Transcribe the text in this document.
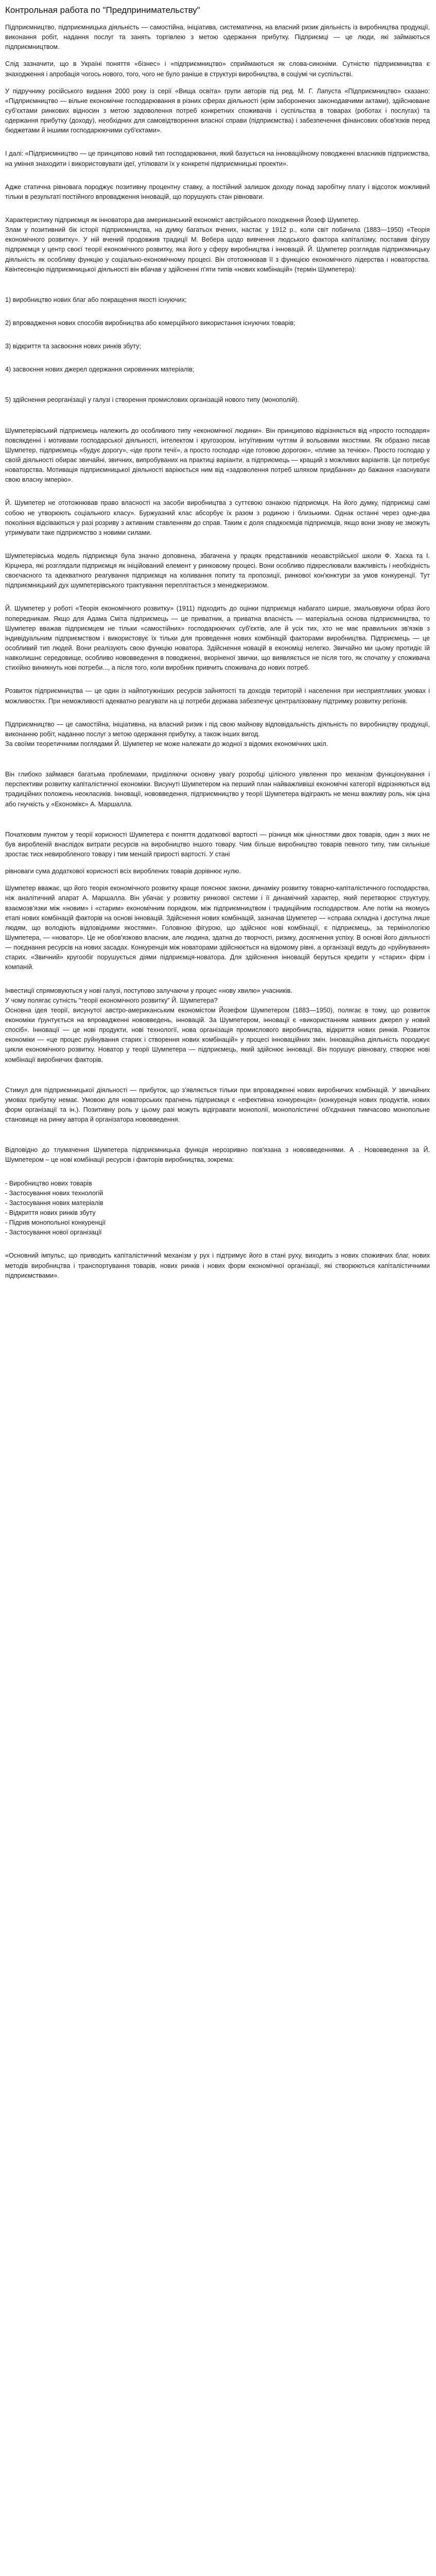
Контрольная работа по "Предпринимательству"

Підприємництво, підприємницька діяльність — самостійна, ініціатива, систематична, на власний ризик діяльність із виробництва продукції, виконання робіт, надання послуг та занять торгівлею з метою одержання прибутку. Підприємці — це люди, які займаються підприємництвом.

Слід зазначити, що в Україні поняття «бізнес» і «підприємництво» сприймаються як слова-синоніми. Сутністю підприємництва є знаходження і апробація чогось нового, того, чого не було раніше в структурі виробництва, в соціумі чи суспільстві.

У підручнику російського видання 2000 року із серії «Вища освіта» групи авторів під ред. М. Г. Лапуста «Підприємництво» сказано: «Підприємництво — вільне економічне господарювання в різних сферах діяльності (крім заборонених законодавчими актами), здійснюване суб'єктами ринкових відносин з метою задоволення потреб конкретних споживачів і суспільства в товарах (роботах і послугах) та одержання прибутку (доходу), необхідних для самовідтворення власної справи (підприємства) і забезпечення фінансових обов'язків перед бюджетами й іншими господарюючими суб'єктами».

І далі: «Підприємництво — це принципово новий тип господарювання, який базується на інноваційному поводженні власників підприємства, на уміння знаходити і використовувати ідеї, утілювати їх у конкретні підприємницькі проекти».

Адже статична рівновага породжує позитивну процентну ставку, а постійний залишок доходу понад заробітну плату і відсоток можливий тільки в результаті постійного впровадження інновацій, що порушують стан рівноваги.

Характеристику підприємця як інноватора дав американський економіст австрійського походження Йозеф Шумпетер.

Злам у позитивний бік історії підприємництва, на думку багатьох вчених, настає у 1912 р., коли світ побачила (1883—1950) «Теорія економічного розвитку». У ній вчений продовжив традиції М. Вебера щодо вивчення людського фактора капіталізму, поставив фігуру підприємця у центр своєї теорії економічного розвитку, яка його у сферу виробництва і інновацій. Й. Шумпетер розглядав підприємницьку діяльність як особливу функцію у соціально-економічному процесі. Він ототожнював її з функцією економічного лідерства і новаторства. Квінтесенцію підприємницької діяльності він вбачав у здійсненні п'яти типів «нових комбінацій» (термін Шумпетера):

1) виробництво нових благ або покращення якості існуючих;

2) впровадження нових способів виробництва або комерційного використання існуючих товарів;

3) відкриття та засвоєння нових ринків збуту;

4) засвоєння нових джерел одержання сировинних матеріалів;

5) здійснення реорганізації у галузі і створення промислових організацій нового типу (монополій).

Шумпетерівський підприємець належить до особливого типу «економічної людини». Він принципово відрізняється від «просто господаря» повсякденні і мотивами господарської діяльності, інтелектом і кругозором, інтуїтивним чуттям й вольовими якостями. Як образно писав Шумпетер, підприємець «будує дорогу», «іде проти течії», а просто господар «іде готовою дорогою», «пливе за течією». Просто господар у своїй діяльності обирає звичайні, звичних, випробуваних на практиці варіанти, а підприємець — кращий з можливих варіантів. Це потребує новаторства. Мотивація підприємницької діяльності варіюється ним від «задоволення потреб шляхом придбання» до бажання «заснувати свою власну імперію».

Й. Шумпетер не ототожнював право власності на засоби виробництва з суттєвою ознакою підприємця. На його думку, підприємці самі собою не утворюють соціального класу». Буржуазний клас абсорбує їх разом з родиною і близькими. Однак останні через одне-два покоління відсіваються у разі розриву з активним ставленням до справ. Таким є доля спадкоємців підприємців, якщо вони знову не зможуть утримувати таке підприємство з новими силами.

Шумпетерівська модель підприємця була значно доповнена, збагачена у працях представників неоавстрійської школи Ф. Хаєка та І. Кірцнера, які розглядали підприємця як ініційований елемент у ринковому процесі. Вони особливо підкреслювали важливість і необхідність своєчасного та адекватного реагування підприємця на коливання попиту та пропозиції, ринкової кон'юнктури за умов конкуренції. Тут підприємницький дух шумпетерівського трактування переплітається з менеджеризмом.

Й. Шумпетер у роботі «Теорія економічного розвитку» (1911) підходить до оцінки підприємця набагато ширше, змальовуючи образ його попередникам. Якщо для Адама Сміта підприємець — це приватник, а приватна власність — матеріальна основа підприємництва, то Шумпетер вважав підприємцем не тільки «самостійних» господарюючих суб'єктів, але й усіх тих, хто не має правильних зв'язків з індивідуальним підприємством і використовує їх тільки для проведення нових комбінацій факторами виробництва. Підприємець — це особливий тип людей. Вони реалізують свою функцію новатора. Здійснення новацій в економіці нелегко. Звичайно ми цьому протидіє їй навколишнє середовище, особливо нововведення в поводженні, вкоріненої звички, що виявляється не після того, як спочатку у споживача стихійно виникнуть нові потреби..., а після того, коли виробник привчить споживача до нових потреб.

Розвиток підприємництва — це один із найпотужніших ресурсів зайнятості та доходів територій і населення при несприятливих умовах і можливостях. При неможливості адекватно реагувати на ці потреби держава забезпечує централізовану підтримку розвитку регіонів.

Підприємництво — це самостійна, ініціативна, на власний ризик і під свою майнову відповідальність діяльність по виробництву продукції, виконанню робіт, наданню послуг з метою одержання прибутку, а також інших вигод.

За своїми теоретичними поглядами Й. Шумпетер не може належати до жодної з відомих економічних шкіл.

Він глибоко займався багатьма проблемами, приділяючи основну увагу розробці цілісного уявлення про механізм функціонування і перспективи розвитку капіталістичної економіки. Висунуті Шумпетером на перший план найважливіші економічні категорії відрізняються від традиційних положень неокласиків. Інновації, нововведення, підприємництво у теорії Шумпетера відіграють не менш важливу роль, ніж ціна або гнучкість у «Економікс» А. Маршалла.

Початковим пунктом у теорії корисності Шумпетера є поняття додаткової вартості — різниця між цінностями двох товарів, один з яких не був виробленій внаслідок витрати ресурсів на виробництво іншого товару. Чим більше виробництво товарів певного типу, тим сильніше зростає тиск невиробленого товару і тим меншій прирості вартості. У стані

рівноваги сума додаткової корисності всіх вироблених товарів дорівнює нулю.

Шумпетер вважає, що його теорія економічного розвитку краще пояснює закони, динаміку розвитку товарно-капіталістичного господарства, ніж аналітичний апарат А. Маршалла. Він убачає у розвитку ринкової системи і її динамічний характер, який перетворює структуру, взаємозв'язки між «новим» і «старим» економічним порядком, між підприємництвом і традиційним господарством. Але потім на якомусь етапі нових комбінацій факторів на основі інновацій. Здійснення нових комбінацій, зазначав Шумпетер — «справа складна і доступна лише людям, що володіють відповідними якостями». Головною фігурою, що здійснює нові комбінації, є підприємець, за термінологією Шумпетера, — «новатор». Це не обов'язково власник, але людина, здатна до творчості, ризику, досягнення успіху. В основі його діяльності — поєднання ресурсів на нових засадах. Конкуренція між новаторами здійснюється на відомому рівні, а організації ведуть до «руйнування» старих. «Звичний» кругообіг порушується діями підприємця-новатора. Для здійснення інновацій беруться кредити у «старих» фірм і компаній.

Інвестиції спрямовуються у нові галузі, поступово залучаючи у процес «нову хвилю» учасників.

У чому полягає сутність "теорії економічного розвитку" Й. Шумпетера?

Основна ідея теорії, висунутої австро-американським економістом Йозефом Шумпетером (1883—1950), полягає в тому, що розвиток економіки ґрунтується на впровадженні нововведень, інновацій. За Шумпетером, інновації є «використанням наявних джерел у новий спосіб». Інновації — це нові продукти, нові технології, нова організація промислового виробництва, відкриття нових ринків. Розвиток економіки — «це процес руйнування старих і створення нових комбінацій» у процесі інноваційних змін. Інноваційна діяльність породжує цикли економічного розвитку. Новатор у теорії Шумпетера — підприємець, який здійснює інновації. Він порушує рівновагу, створює нові комбінації виробничих факторів.

Стимул для підприємницької діяльності — прибуток, що з'являється тільки при впровадженні нових виробничих комбінацій. У звичайних умовах прибутку немає. Умовою для новаторських прагнень підприємця є «ефективна конкуренція» (конкуренція нових продуктів, нових форм організації та ін.). Позитивну роль у цьому разі можуть відігравати монополії, монополістичні об'єднання тимчасово монопольне становище на ринку автора й організатора нововведення.

Відповідно до тлумачення Шумпетера підприємницька функція нерозривно пов'язана з нововведеннями. А . Нововведення за Й. Шумпетером – це нові комбінації ресурсів і факторів виробництва, зокрема:

- Виробництво нових товарів

- Застосування нових технологій

- Застосування нових матеріалів

- Відкриття нових ринків збуту

- Підрив монопольної конкуренції

- Застосування нової організації

«Основний імпульс, що приводить капіталістичний механізм у рух і підтримує його в стані руху, виходить з нових споживчих благ, нових методів виробництва і транспортування товарів, нових ринків і нових форм економічної організації, які створюються капіталістичними підприємствами».
